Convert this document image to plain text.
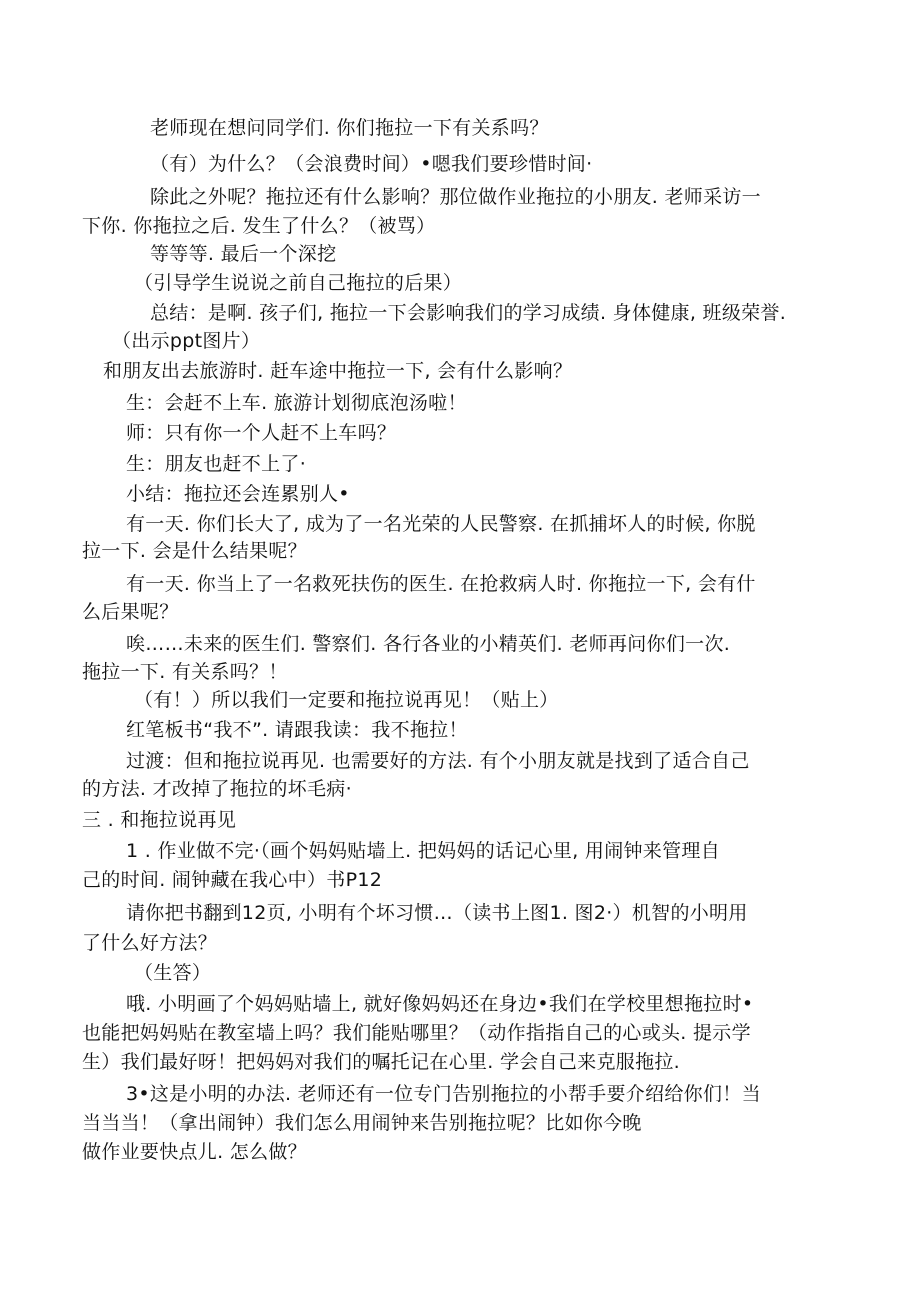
老师现在想问同学们. 你们拖拉一下有关系吗？
（有）为什么？（会浪费时间）•嗯我们要珍惜时间·
除此之外呢？拖拉还有什么影响？那位做作业拖拉的小朋友. 老师采访一
下你. 你拖拉之后. 发生了什么？（被骂）
等等等. 最后一个深挖
（引导学生说说之前自己拖拉的后果）
总结：是啊. 孩子们, 拖拉一下会影响我们的学习成绩. 身体健康, 班级荣誉.
（出示ppt图片）
和朋友出去旅游时. 赶车途中拖拉一下, 会有什么影响？
生：会赶不上车. 旅游计划彻底泡汤啦！
师：只有你一个人赶不上车吗？
生：朋友也赶不上了·
小结：拖拉还会连累别人•
有一天. 你们长大了, 成为了一名光荣的人民警察. 在抓捕坏人的时候, 你脱
拉一下. 会是什么结果呢？
有一天. 你当上了一名救死扶伤的医生. 在抢救病人时. 你拖拉一下, 会有什
么后果呢？
唉……未来的医生们. 警察们. 各行各业的小精英们. 老师再问你们一次.
拖拉一下. 有关系吗？！
（有！）所以我们一定要和拖拉说再见！（贴上）
红笔板书“我不”. 请跟我读：我不拖拉！
过渡：但和拖拉说再见. 也需要好的方法. 有个小朋友就是找到了适合自己
的方法. 才改掉了拖拉的坏毛病·
三 . 和拖拉说再见
1 . 作业做不完·（画个妈妈贴墙上. 把妈妈的话记心里, 用闹钟来管理自
己的时间. 闹钟藏在我心中）书P12
请你把书翻到12页, 小明有个坏习惯…（读书上图1. 图2·）机智的小明用
了什么好方法？
（生答）
哦. 小明画了个妈妈贴墙上, 就好像妈妈还在身边•我们在学校里想拖拉时•
也能把妈妈贴在教室墙上吗？我们能贴哪里？（动作指指自己的心或头. 提示学
生）我们最好呀！把妈妈对我们的嘱托记在心里. 学会自己来克服拖拉.
3•这是小明的办法. 老师还有一位专门告别拖拉的小帮手要介绍给你们！当
当当当！（拿出闹钟）我们怎么用闹钟来告别拖拉呢？比如你今晚
做作业要快点儿. 怎么做？
